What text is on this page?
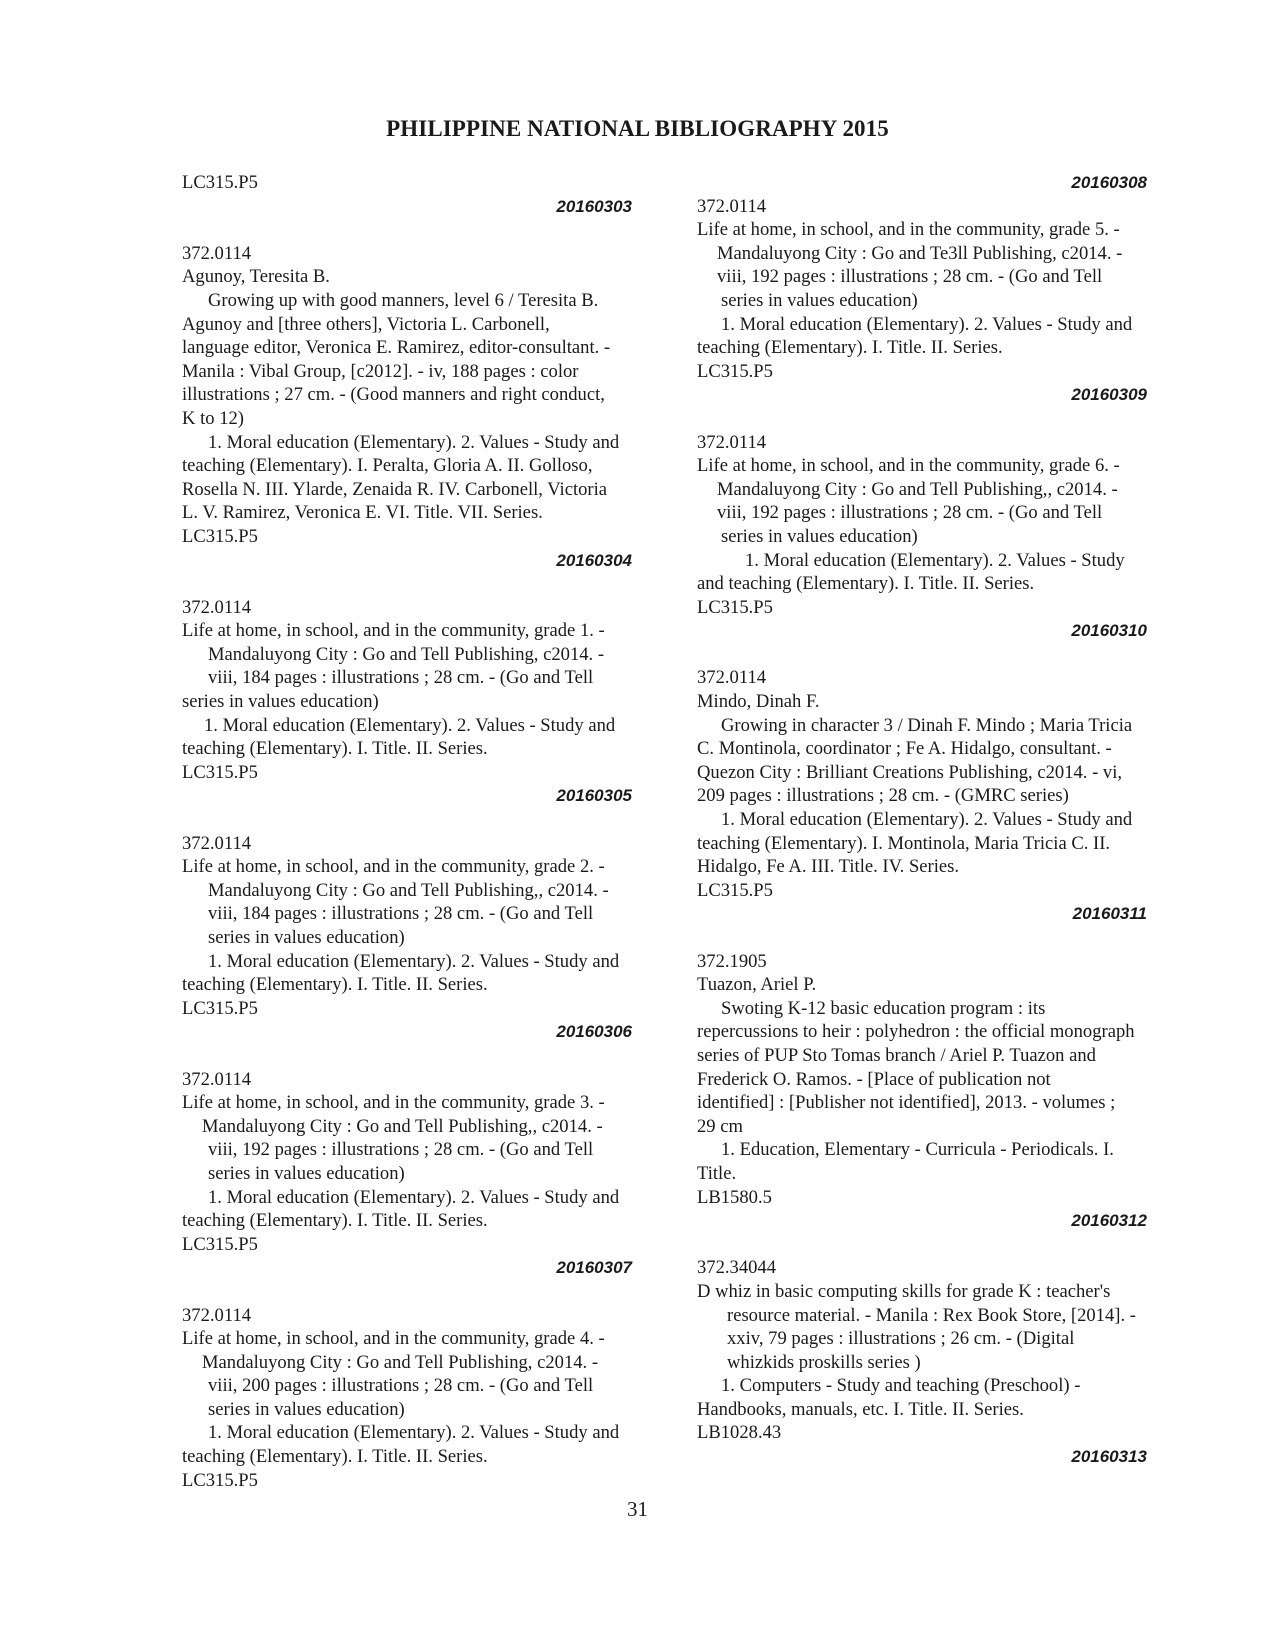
PHILIPPINE NATIONAL BIBLIOGRAPHY 2015
LC315.P5
20160303
372.0114
Agunoy, Teresita B.
Growing up with good manners, level 6 / Teresita B.
Agunoy and [three others], Victoria L. Carbonell,
language editor, Veronica E. Ramirez, editor-consultant. -
Manila : Vibal Group, [c2012]. - iv, 188 pages : color
illustrations ; 27 cm. - (Good manners and right conduct,
K to 12)
1. Moral education (Elementary). 2. Values - Study and
teaching (Elementary). I. Peralta, Gloria A. II. Golloso,
Rosella N. III. Ylarde, Zenaida R. IV. Carbonell, Victoria
L. V. Ramirez, Veronica E. VI. Title. VII. Series.
LC315.P5
20160304
372.0114
Life at home, in school, and in the community, grade 1. -
Mandaluyong City : Go and Tell Publishing, c2014. -
viii, 184 pages : illustrations ; 28 cm. - (Go and Tell
series in values education)
1. Moral education (Elementary). 2. Values - Study and
teaching (Elementary). I. Title. II. Series.
LC315.P5
20160305
372.0114
Life at home, in school, and in the community, grade 2. -
Mandaluyong City : Go and Tell Publishing,, c2014. -
viii, 184 pages : illustrations ; 28 cm. - (Go and Tell
series in values education)
1. Moral education (Elementary). 2. Values - Study and
teaching (Elementary). I. Title. II. Series.
LC315.P5
20160306
372.0114
Life at home, in school, and in the community, grade 3. -
Mandaluyong City : Go and Tell Publishing,, c2014. -
viii, 192 pages : illustrations ; 28 cm. - (Go and Tell
series in values education)
1. Moral education (Elementary). 2. Values - Study and
teaching (Elementary). I. Title. II. Series.
LC315.P5
20160307
372.0114
Life at home, in school, and in the community, grade 4. -
Mandaluyong City : Go and Tell Publishing, c2014. -
viii, 200 pages : illustrations ; 28 cm. - (Go and Tell
series in values education)
1. Moral education (Elementary). 2. Values - Study and
teaching (Elementary). I. Title. II. Series.
LC315.P5
20160308
372.0114
Life at home, in school, and in the community, grade 5. -
Mandaluyong City : Go and Te3ll Publishing, c2014. -
viii, 192 pages : illustrations ; 28 cm. - (Go and Tell
series in values education)
1. Moral education (Elementary). 2. Values - Study and
teaching (Elementary). I. Title. II. Series.
LC315.P5
20160309
372.0114
Life at home, in school, and in the community, grade 6. -
Mandaluyong City : Go and Tell Publishing,, c2014. -
viii, 192 pages : illustrations ; 28 cm. - (Go and Tell
series in values education)
1. Moral education (Elementary). 2. Values - Study
and teaching (Elementary). I. Title. II. Series.
LC315.P5
20160310
372.0114
Mindo, Dinah F.
Growing in character 3 / Dinah F. Mindo ; Maria Tricia
C. Montinola, coordinator ; Fe A. Hidalgo, consultant. -
Quezon City : Brilliant Creations Publishing, c2014. - vi,
209 pages : illustrations ; 28 cm. - (GMRC series)
1. Moral education (Elementary). 2. Values - Study and
teaching (Elementary). I. Montinola, Maria Tricia C. II.
Hidalgo, Fe A. III. Title. IV. Series.
LC315.P5
20160311
372.1905
Tuazon, Ariel P.
Swoting K-12 basic education program : its
repercussions to heir : polyhedron : the official monograph
series of PUP Sto Tomas branch / Ariel P. Tuazon and
Frederick O. Ramos. - [Place of publication not
identified] : [Publisher not identified], 2013. - volumes ;
29 cm
1. Education, Elementary - Curricula - Periodicals. I.
Title.
LB1580.5
20160312
372.34044
D whiz in basic computing skills for grade K : teacher's
resource material. - Manila : Rex Book Store, [2014]. -
xxiv, 79 pages : illustrations ; 26 cm. - (Digital
whizkids proskills series )
1. Computers - Study and teaching (Preschool) -
Handbooks, manuals, etc. I. Title. II. Series.
LB1028.43
20160313
31
